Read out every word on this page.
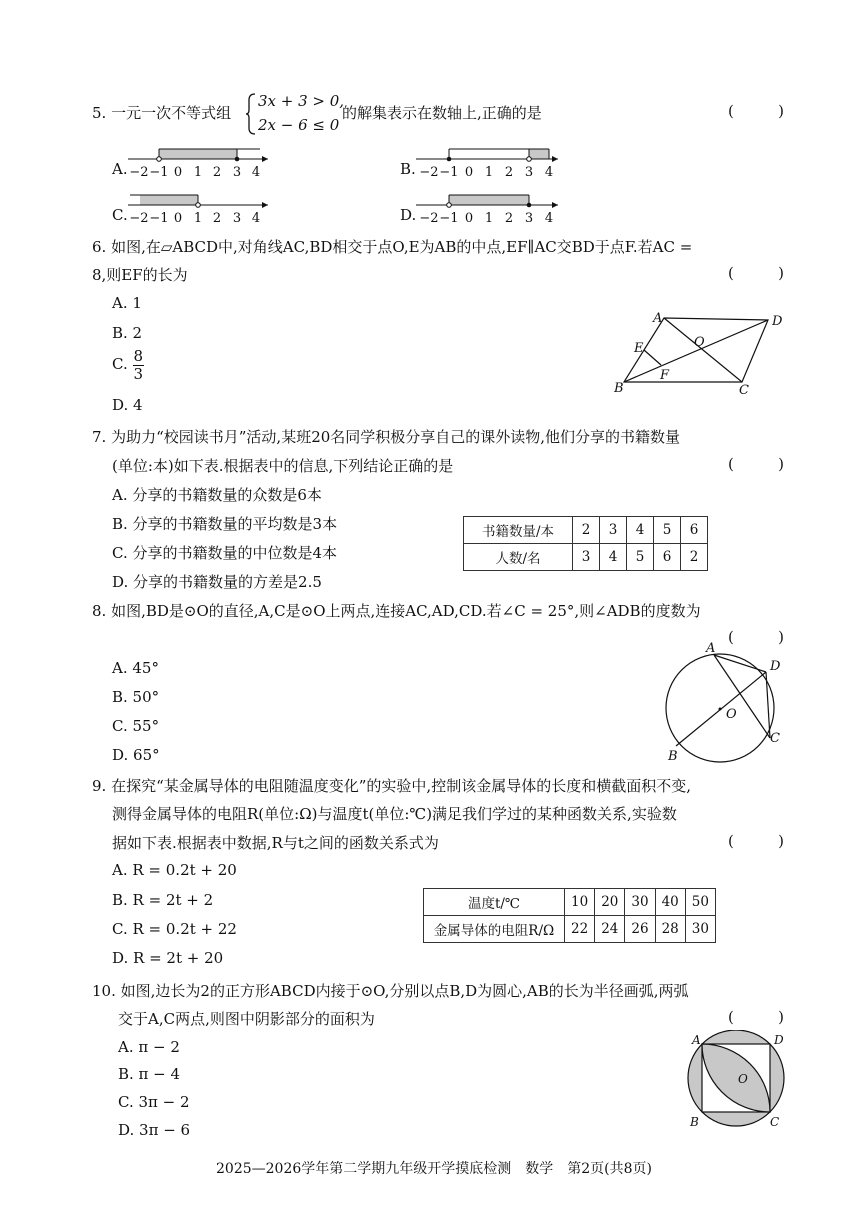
5. 一元一次不等式组
3x + 3 > 0,
2x − 6 ≤ 0
的解集表示在数轴上,正确的是	(	)
A. −2 −1 0 1 2 3 4	B. −2 −1 0 1 2 3 4
C. −2 −1 0 1 2 3 4	D. −2 −1 0 1 2 3 4
6. 如图,在▱ABCD中,对角线AC,BD相交于点O,E为AB的中点,EF∥AC交BD于点F.若AC =
8,则EF的长为	(	)
A. 1
B. 2
C. $\frac{8}{3}$
D. 4
A	D
E	O
F
B	C
7. 为助力“校园读书月”活动,某班20名同学积极分享自己的课外读物,他们分享的书籍数量
(单位:本)如下表.根据表中的信息,下列结论正确的是	(	)
A. 分享的书籍数量的众数是6本
B. 分享的书籍数量的平均数是3本
C. 分享的书籍数量的中位数是4本
D. 分享的书籍数量的方差是2.5
书籍数量/本	2	3	4	5	6
人数/名	3	4	5	6	2
8. 如图,BD是⊙O的直径,A,C是⊙O上两点,连接AC,AD,CD.若∠C = 25°,则∠ADB的度数为
(	)
A. 45°
B. 50°
C. 55°
D. 65°
A
D
O
C
B
9. 在探究“某金属导体的电阻随温度变化”的实验中,控制该金属导体的长度和横截面积不变,
测得金属导体的电阻R(单位:Ω)与温度t(单位:℃)满足我们学过的某种函数关系,实验数
据如下表.根据表中数据,R与t之间的函数关系式为	(	)
A. R = 0.2t + 20
B. R = 2t + 2
C. R = 0.2t + 22
D. R = 2t + 20
温度t/℃	10	20	30	40	50
金属导体的电阻R/Ω	22	24	26	28	30
10. 如图,边长为2的正方形ABCD内接于⊙O,分别以点B,D为圆心,AB的长为半径画弧,两弧
交于A,C两点,则图中阴影部分的面积为	(	)
A. π − 2
B. π − 4
C. 3π − 2
D. 3π − 6
A	D
O
B	C
2025—2026学年第二学期九年级开学摸底检测　数学　第2页(共8页)
